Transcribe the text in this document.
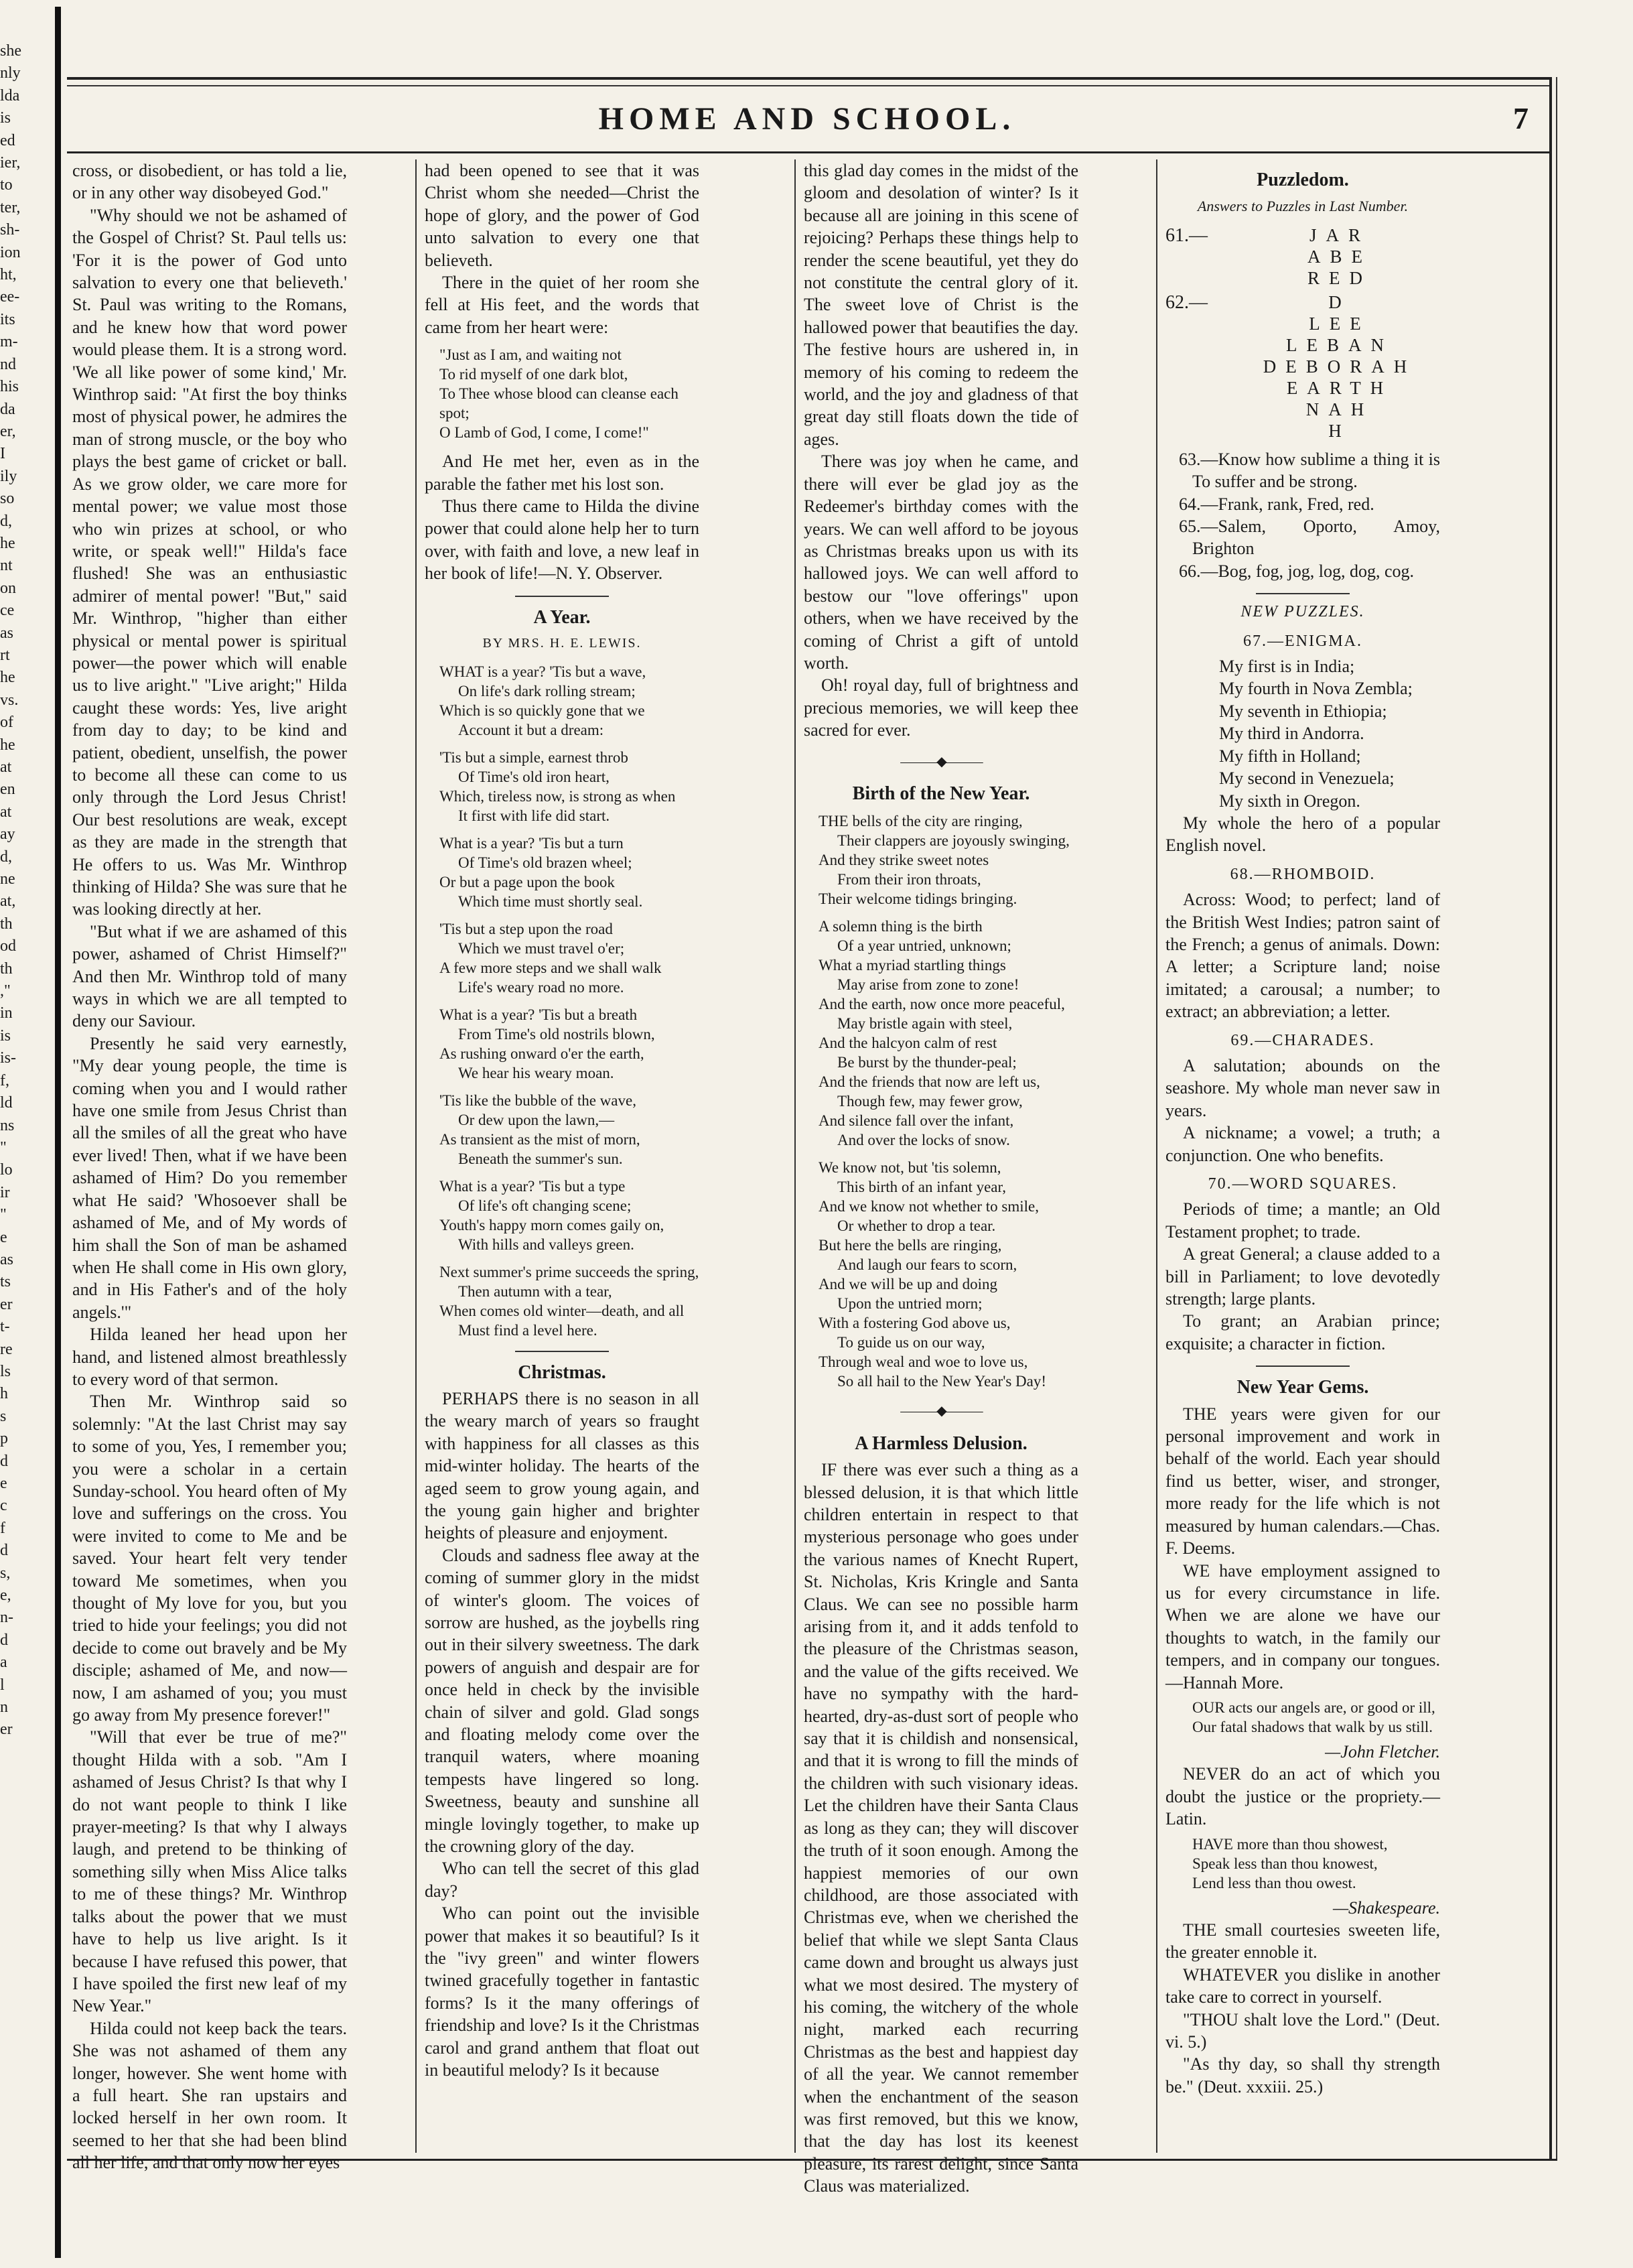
she
nly
lda
is
ed
ier,
to
ter,
sh-
ion
ht,
ee-
its
m-
nd
his
da
er,
I
ily
so
d,
he
nt
on
ce
as
rt
he
vs.
of
he
at
en
at
ay
d,
ne
at,
th
od
th
,"
in
is
is-
f,
ld
ns
"
lo
ir
"
e
as
ts
er
t-
re
ls
h
s
p
d
e
c
f
d
s,
e,
n-
d
a
l
n
er
HOME AND SCHOOL.	7

cross, or disobedient, or has told a lie, or in any other way disobeyed God."

"Why should we not be ashamed of the Gospel of Christ? St. Paul tells us: 'For it is the power of God unto salvation to every one that believeth.' St. Paul was writing to the Romans, and he knew how that word power would please them. It is a strong word. 'We all like power of some kind,' Mr. Winthrop said: "At first the boy thinks most of physical power, he admires the man of strong muscle, or the boy who plays the best game of cricket or ball. As we grow older, we care more for mental power; we value most those who win prizes at school, or who write, or speak well!" Hilda's face flushed! She was an enthusiastic admirer of mental power! "But," said Mr. Winthrop, "higher than either physical or mental power is spiritual power—the power which will enable us to live aright." "Live aright;" Hilda caught these words: Yes, live aright from day to day; to be kind and patient, obedient, unselfish, the power to become all these can come to us only through the Lord Jesus Christ! Our best resolutions are weak, except as they are made in the strength that He offers to us. Was Mr. Winthrop thinking of Hilda? She was sure that he was looking directly at her.

"But what if we are ashamed of this power, ashamed of Christ Himself?" And then Mr. Winthrop told of many ways in which we are all tempted to deny our Saviour.

Presently he said very earnestly, "My dear young people, the time is coming when you and I would rather have one smile from Jesus Christ than all the smiles of all the great who have ever lived! Then, what if we have been ashamed of Him? Do you remember what He said? 'Whosoever shall be ashamed of Me, and of My words of him shall the Son of man be ashamed when He shall come in His own glory, and in His Father's and of the holy angels.'"

Hilda leaned her head upon her hand, and listened almost breathlessly to every word of that sermon.

Then Mr. Winthrop said so solemnly: "At the last Christ may say to some of you, Yes, I remember you; you were a scholar in a certain Sunday-school. You heard often of My love and sufferings on the cross. You were invited to come to Me and be saved. Your heart felt very tender toward Me sometimes, when you thought of My love for you, but you tried to hide your feelings; you did not decide to come out bravely and be My disciple; ashamed of Me, and now—now, I am ashamed of you; you must go away from My presence forever!"

"Will that ever be true of me?" thought Hilda with a sob. "Am I ashamed of Jesus Christ? Is that why I do not want people to think I like prayer-meeting? Is that why I always laugh, and pretend to be thinking of something silly when Miss Alice talks to me of these things? Mr. Winthrop talks about the power that we must have to help us live aright. Is it because I have refused this power, that I have spoiled the first new leaf of my New Year."

Hilda could not keep back the tears. She was not ashamed of them any longer, however. She went home with a full heart. She ran upstairs and locked herself in her own room. It seemed to her that she had been blind all her life, and that only now her eyes

had been opened to see that it was Christ whom she needed—Christ the hope of glory, and the power of God unto salvation to every one that believeth.

There in the quiet of her room she fell at His feet, and the words that came from her heart were:

"Just as I am, and waiting not
To rid myself of one dark blot,
To Thee whose blood can cleanse each spot;
O Lamb of God, I come, I come!"

And He met her, even as in the parable the father met his lost son.

Thus there came to Hilda the divine power that could alone help her to turn over, with faith and love, a new leaf in her book of life!—N. Y. Observer.

A Year.
BY MRS. H. E. LEWIS.
WHAT is a year? 'Tis but a wave,
On life's dark rolling stream;
Which is so quickly gone that we
Account it but a dream:
'Tis but a simple, earnest throb
Of Time's old iron heart,
Which, tireless now, is strong as when
It first with life did start.
What is a year? 'Tis but a turn
Of Time's old brazen wheel;
Or but a page upon the book
Which time must shortly seal.
'Tis but a step upon the road
Which we must travel o'er;
A few more steps and we shall walk
Life's weary road no more.
What is a year? 'Tis but a breath
From Time's old nostrils blown,
As rushing onward o'er the earth,
We hear his weary moan.
'Tis like the bubble of the wave,
Or dew upon the lawn,—
As transient as the mist of morn,
Beneath the summer's sun.
What is a year? 'Tis but a type
Of life's oft changing scene;
Youth's happy morn comes gaily on,
With hills and valleys green.
Next summer's prime succeeds the spring,
Then autumn with a tear,
When comes old winter—death, and all
Must find a level here.
Christmas.

PERHAPS there is no season in all the weary march of years so fraught with happiness for all classes as this mid-winter holiday. The hearts of the aged seem to grow young again, and the young gain higher and brighter heights of pleasure and enjoyment.

Clouds and sadness flee away at the coming of summer glory in the midst of winter's gloom. The voices of sorrow are hushed, as the joybells ring out in their silvery sweetness. The dark powers of anguish and despair are for once held in check by the invisible chain of silver and gold. Glad songs and floating melody come over the tranquil waters, where moaning tempests have lingered so long. Sweetness, beauty and sunshine all mingle lovingly together, to make up the crowning glory of the day.

Who can tell the secret of this glad day?

Who can point out the invisible power that makes it so beautiful? Is it the "ivy green" and winter flowers twined gracefully together in fantastic forms? Is it the many offerings of friendship and love? Is it the Christmas carol and grand anthem that float out in beautiful melody? Is it because

this glad day comes in the midst of the gloom and desolation of winter? Is it because all are joining in this scene of rejoicing? Perhaps these things help to render the scene beautiful, yet they do not constitute the central glory of it. The sweet love of Christ is the hallowed power that beautifies the day. The festive hours are ushered in, in memory of his coming to redeem the world, and the joy and gladness of that great day still floats down the tide of ages.

There was joy when he came, and there will ever be glad joy as the Redeemer's birthday comes with the years. We can well afford to be joyous as Christmas breaks upon us with its hallowed joys. We can well afford to bestow our "love offerings" upon others, when we have received by the coming of Christ a gift of untold worth.

Oh! royal day, full of brightness and precious memories, we will keep thee sacred for ever.

———◆———
Birth of the New Year.
THE bells of the city are ringing,
Their clappers are joyously swinging,
And they strike sweet notes
From their iron throats,
Their welcome tidings bringing.
A solemn thing is the birth
Of a year untried, unknown;
What a myriad startling things
May arise from zone to zone!
And the earth, now once more peaceful,
May bristle again with steel,
And the halcyon calm of rest
Be burst by the thunder-peal;
And the friends that now are left us,
Though few, may fewer grow,
And silence fall over the infant,
And over the locks of snow.
We know not, but 'tis solemn,
This birth of an infant year,
And we know not whether to smile,
Or whether to drop a tear.
But here the bells are ringing,
And laugh our fears to scorn,
And we will be up and doing
Upon the untried morn;
With a fostering God above us,
To guide us on our way,
Through weal and woe to love us,
So all hail to the New Year's Day!
———◆———
A Harmless Delusion.

IF there was ever such a thing as a blessed delusion, it is that which little children entertain in respect to that mysterious personage who goes under the various names of Knecht Rupert, St. Nicholas, Kris Kringle and Santa Claus. We can see no possible harm arising from it, and it adds tenfold to the pleasure of the Christmas season, and the value of the gifts received. We have no sympathy with the hard-hearted, dry-as-dust sort of people who say that it is childish and nonsensical, and that it is wrong to fill the minds of the children with such visionary ideas. Let the children have their Santa Claus as long as they can; they will discover the truth of it soon enough. Among the happiest memories of our own childhood, are those associated with Christmas eve, when we cherished the belief that while we slept Santa Claus came down and brought us always just what we most desired. The mystery of his coming, the witchery of the whole night, marked each recurring Christmas as the best and happiest day of all the year. We cannot remember when the enchantment of the season was first removed, but this we know, that the day has lost its keenest pleasure, its rarest delight, since Santa Claus was materialized.

Puzzledom.
Answers to Puzzles in Last Number.
61.—	JAR
ABE
RED
62.—	D
LEE
LEBAN
DEBORAH
EARTH
NAH
H
63.—Know how sublime a thing it is To suffer and be strong.
64.—Frank, rank, Fred, red.
65.—Salem, Oporto, Amoy, Brighton
66.—Bog, fog, jog, log, dog, cog.
NEW PUZZLES.
67.—ENIGMA.
My first is in India;
My fourth in Nova Zembla;
My seventh in Ethiopia;
My third in Andorra.
My fifth in Holland;
My second in Venezuela;
My sixth in Oregon.

My whole the hero of a popular English novel.

68.—RHOMBOID.

Across: Wood; to perfect; land of the British West Indies; patron saint of the French; a genus of animals. Down: A letter; a Scripture land; noise imitated; a carousal; a number; to extract; an abbreviation; a letter.

69.—CHARADES.
A salutation; abounds on the seashore. My whole man never saw in years.
A nickname; a vowel; a truth; a conjunction. One who benefits.
70.—WORD SQUARES.
Periods of time; a mantle; an Old Testament prophet; to trade.
A great General; a clause added to a bill in Parliament; to love devotedly strength; large plants.
To grant; an Arabian prince; exquisite; a character in fiction.
New Year Gems.

THE years were given for our personal improvement and work in behalf of the world. Each year should find us better, wiser, and stronger, more ready for the life which is not measured by human calendars.—Chas. F. Deems.

WE have employment assigned to us for every circumstance in life. When we are alone we have our thoughts to watch, in the family our tempers, and in company our tongues.—Hannah More.

OUR acts our angels are, or good or ill,
Our fatal shadows that walk by us still.
—John Fletcher.

NEVER do an act of which you doubt the justice or the propriety.—Latin.

HAVE more than thou showest,
Speak less than thou knowest,
Lend less than thou owest.
—Shakespeare.

THE small courtesies sweeten life, the greater ennoble it.

WHATEVER you dislike in another take care to correct in yourself.

"THOU shalt love the Lord." (Deut. vi. 5.)

"As thy day, so shall thy strength be." (Deut. xxxiii. 25.)
